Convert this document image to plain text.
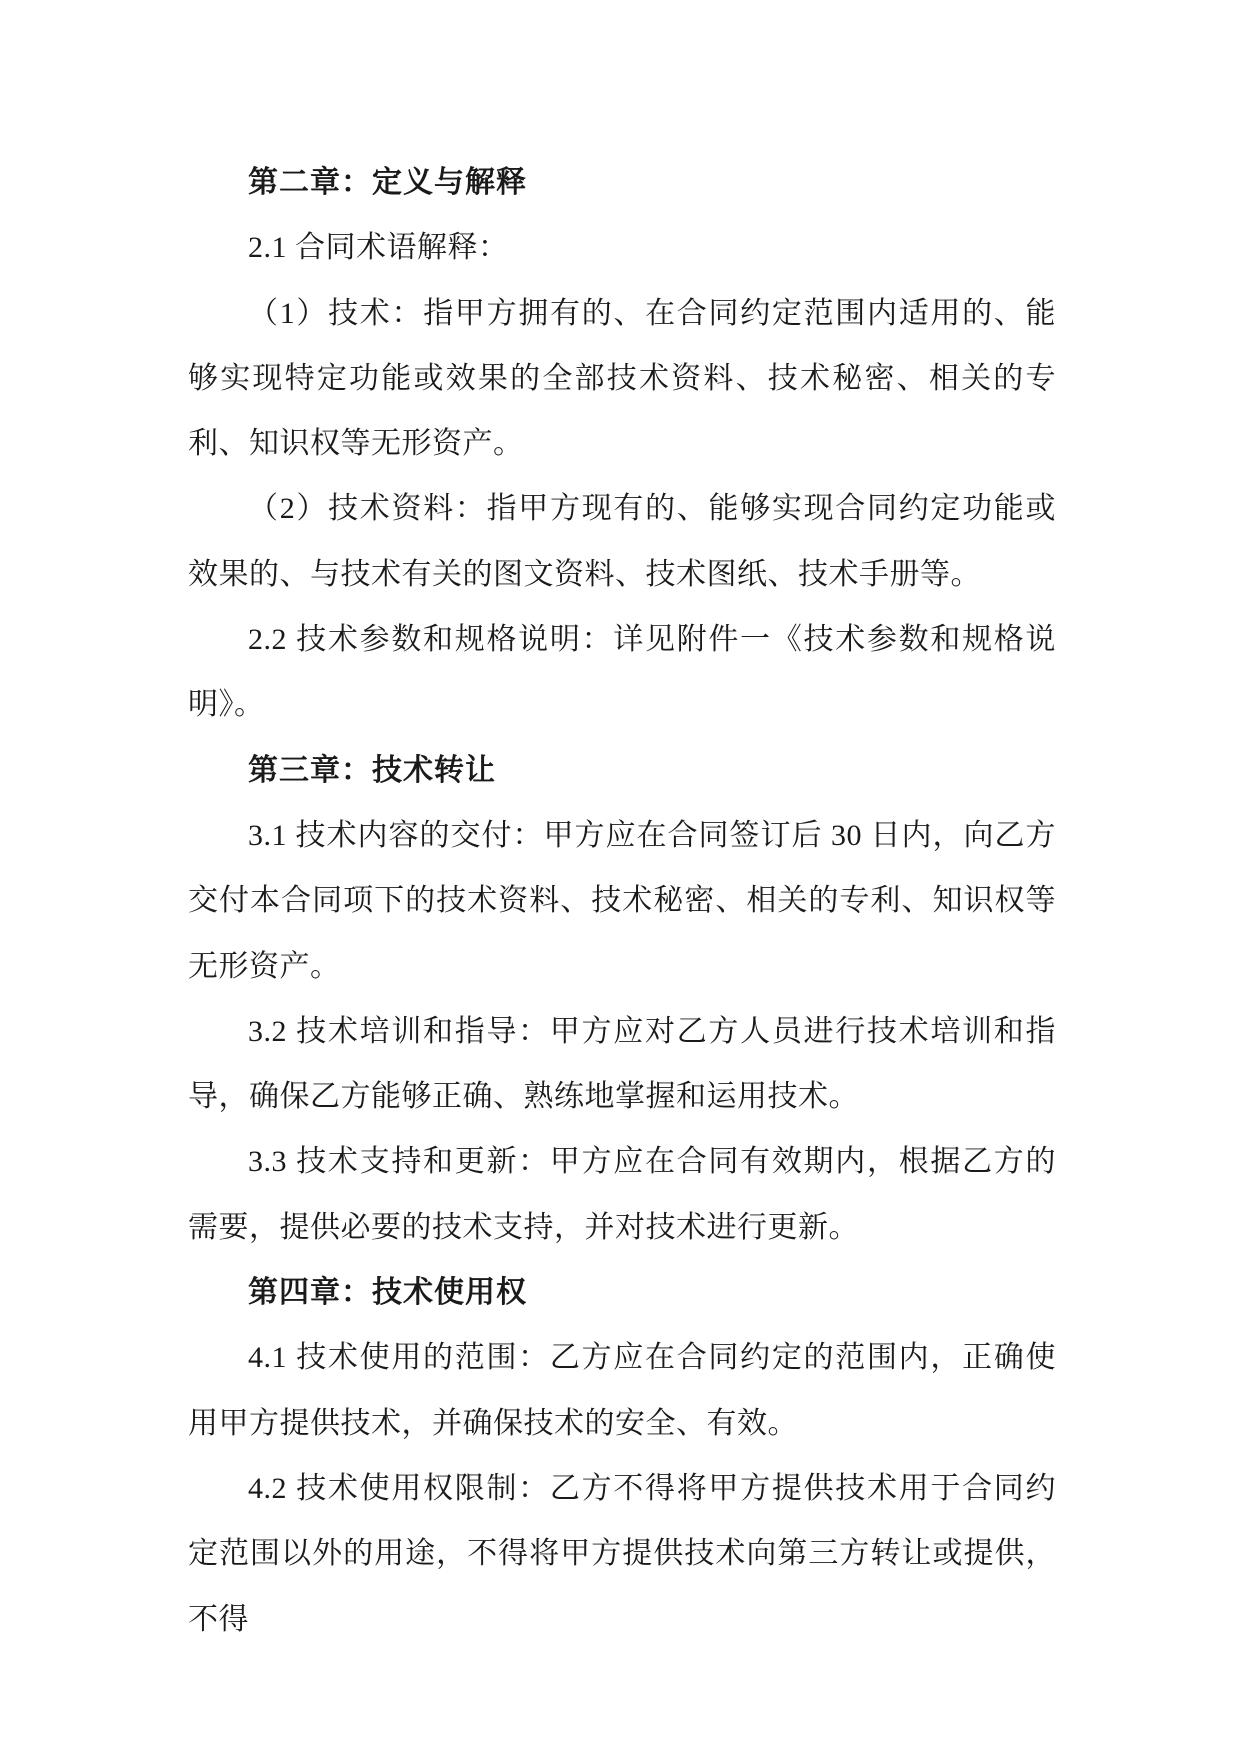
第二章：定义与解释

2.1 合同术语解释：

（1）技术：指甲方拥有的、在合同约定范围内适用的、能够实现特定功能或效果的全部技术资料、技术秘密、相关的专利、知识权等无形资产。

（2）技术资料：指甲方现有的、能够实现合同约定功能或效果的、与技术有关的图文资料、技术图纸、技术手册等。

2.2 技术参数和规格说明：详见附件一《技术参数和规格说明》。

第三章：技术转让

3.1 技术内容的交付：甲方应在合同签订后 30 日内，向乙方交付本合同项下的技术资料、技术秘密、相关的专利、知识权等无形资产。

3.2 技术培训和指导：甲方应对乙方人员进行技术培训和指导，确保乙方能够正确、熟练地掌握和运用技术。

3.3 技术支持和更新：甲方应在合同有效期内，根据乙方的需要，提供必要的技术支持，并对技术进行更新。

第四章：技术使用权

4.1 技术使用的范围：乙方应在合同约定的范围内，正确使用甲方提供技术，并确保技术的安全、有效。

4.2 技术使用权限制：乙方不得将甲方提供技术用于合同约定范围以外的用途，不得将甲方提供技术向第三方转让或提供，不得
